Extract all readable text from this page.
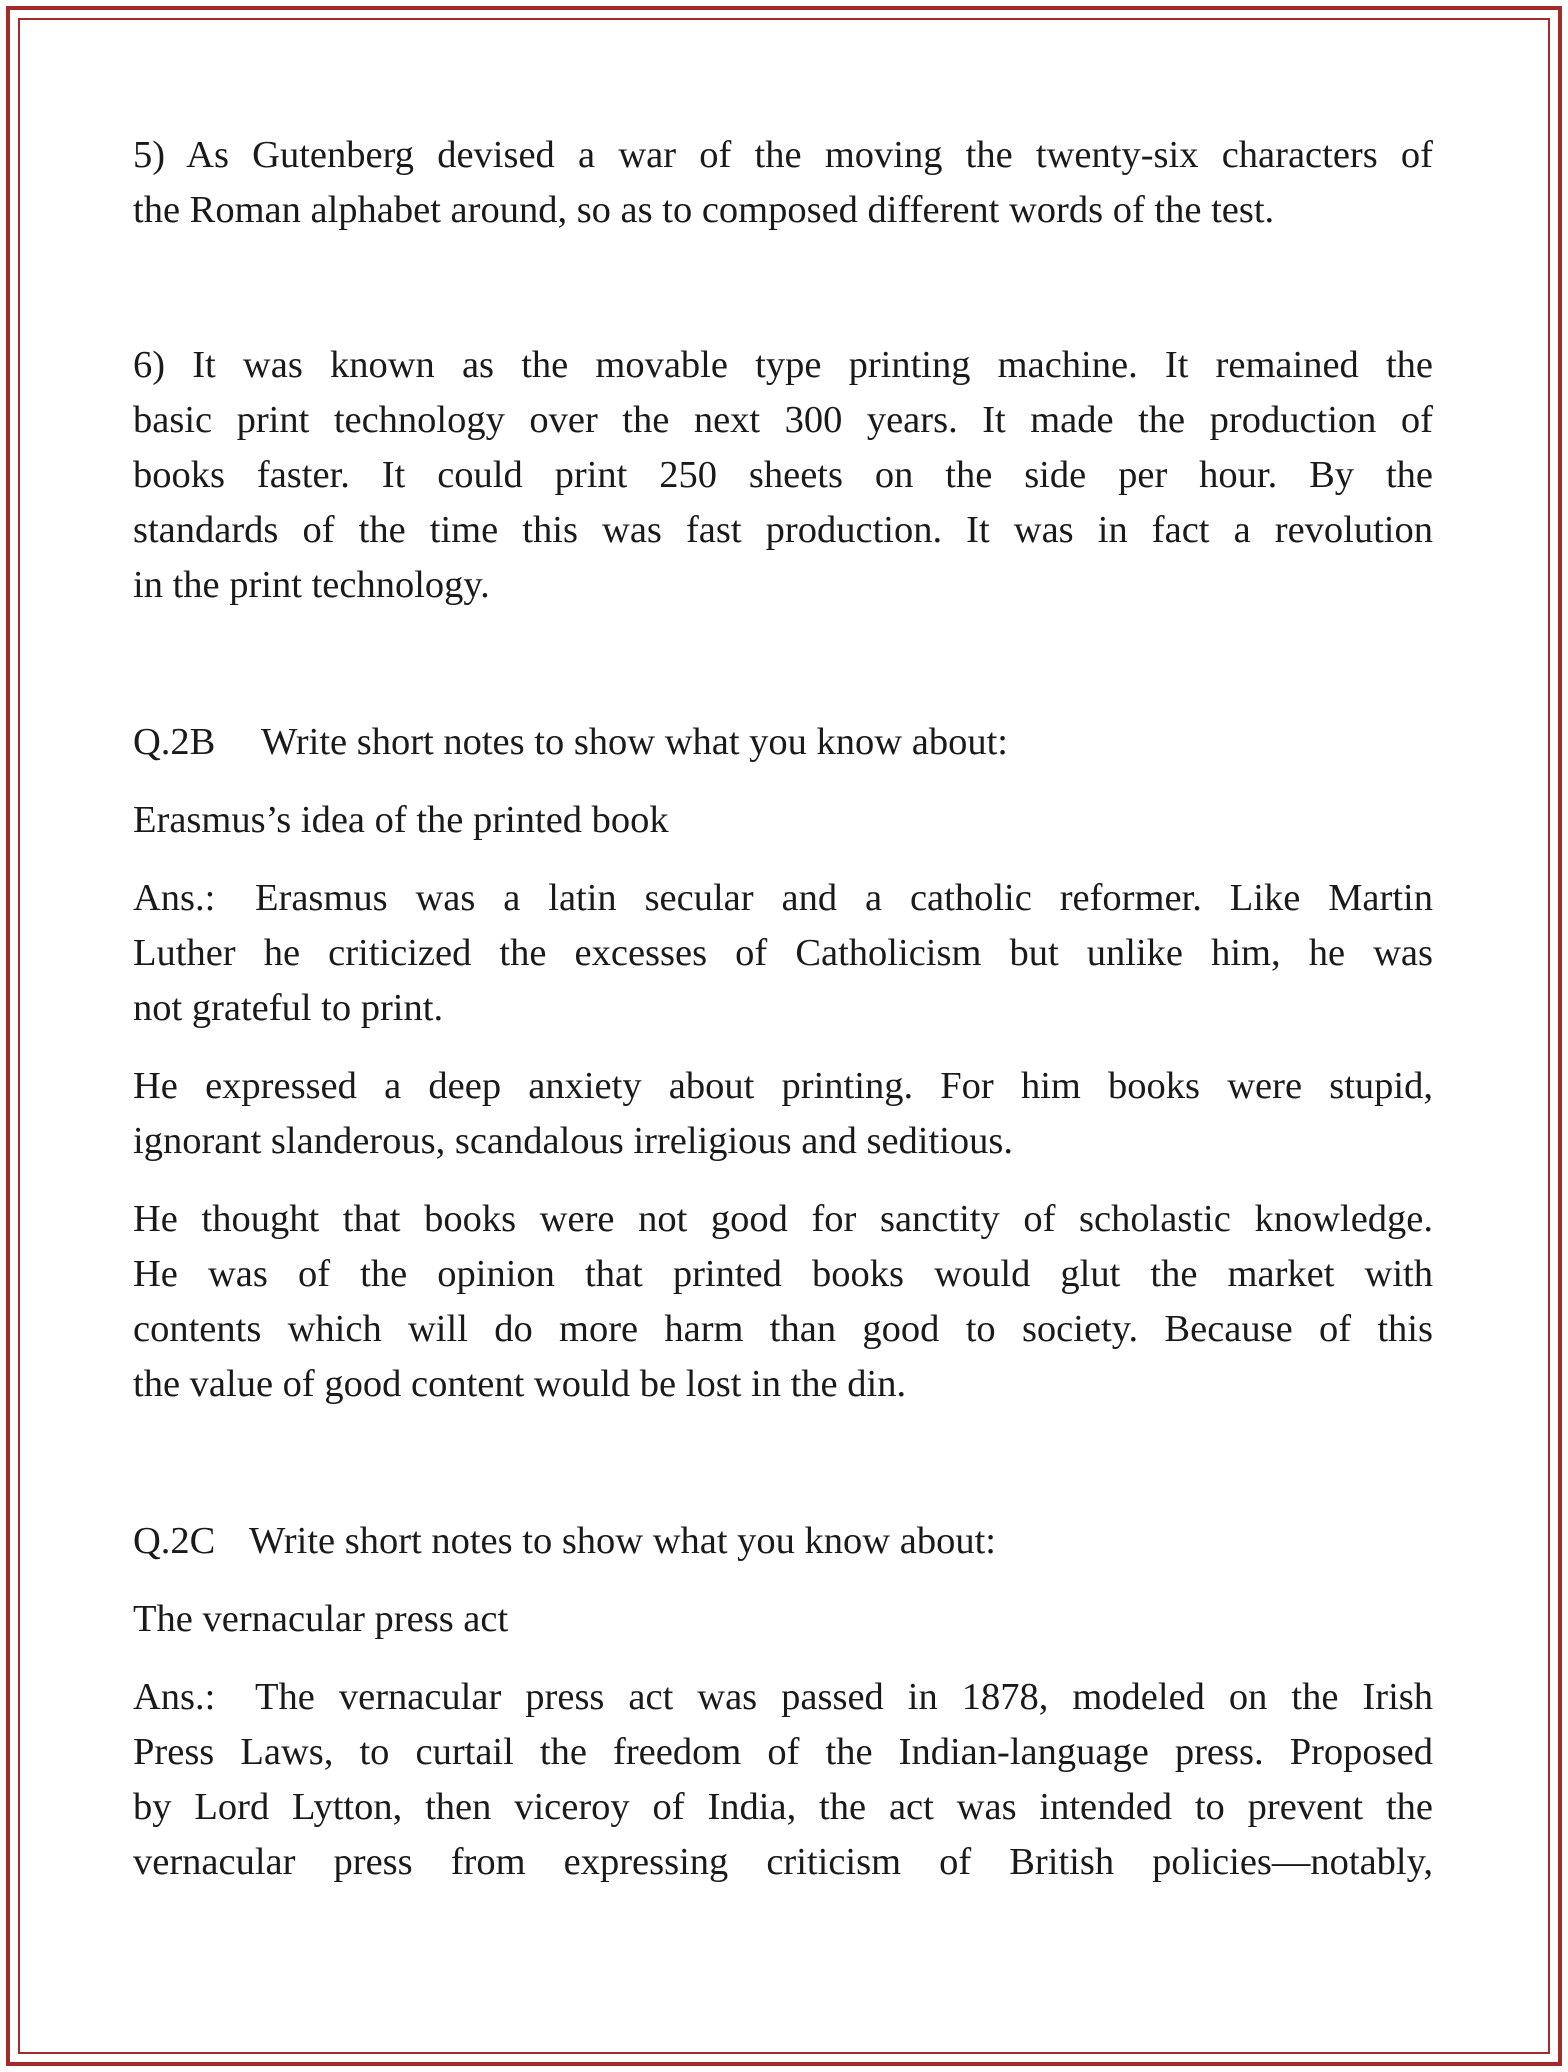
5) As Gutenberg devised a war of the moving the twenty-six characters of
the Roman alphabet around, so as to composed different words of the test.

6) It was known as the movable type printing machine. It remained the
basic print technology over the next 300 years. It made the production of
books faster. It could print 250 sheets on the side per hour. By the
standards of the time this was fast production. It was in fact a revolution
in the print technology.

Q.2B Write short notes to show what you know about:

Erasmus’s idea of the printed book

Ans.: Erasmus was a latin secular and a catholic reformer. Like Martin
Luther he criticized the excesses of Catholicism but unlike him, he was
not grateful to print.

He expressed a deep anxiety about printing. For him books were stupid,
ignorant slanderous, scandalous irreligious and seditious.

He thought that books were not good for sanctity of scholastic knowledge.
He was of the opinion that printed books would glut the market with
contents which will do more harm than good to society. Because of this
the value of good content would be lost in the din.

Q.2C Write short notes to show what you know about:

The vernacular press act

Ans.: The vernacular press act was passed in 1878, modeled on the Irish
Press Laws, to curtail the freedom of the Indian-language press. Proposed
by Lord Lytton, then viceroy of India, the act was intended to prevent the
vernacular press from expressing criticism of British policies—notably,
